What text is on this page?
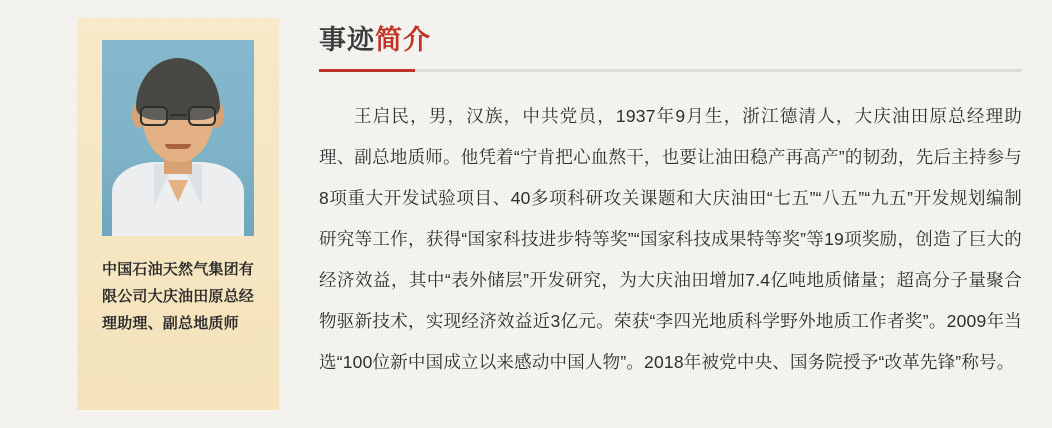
中国石油天然气集团有限公司大庆油田原总经理助理、副总地质师
事迹 简介
王启民，男，汉族，中共党员，1937年9月生，浙江德清人，大庆油田原总经理助理、副总地质师。他凭着“宁肯把心血熬干，也要让油田稳产再高产”的韧劲，先后主持参与8项重大开发试验项目、40多项科研攻关课题和大庆油田“七五”“八五”“九五”开发规划编制研究等工作，获得“国家科技进步特等奖”“国家科技成果特等奖”等19项奖励，创造了巨大的经济效益，其中“表外储层”开发研究，为大庆油田增加7.4亿吨地质储量；超高分子量聚合物驱新技术，实现经济效益近3亿元。荣获“李四光地质科学野外地质工作者奖”。2009年当选“100位新中国成立以来感动中国人物”。2018年被党中央、国务院授予“改革先锋”称号。
